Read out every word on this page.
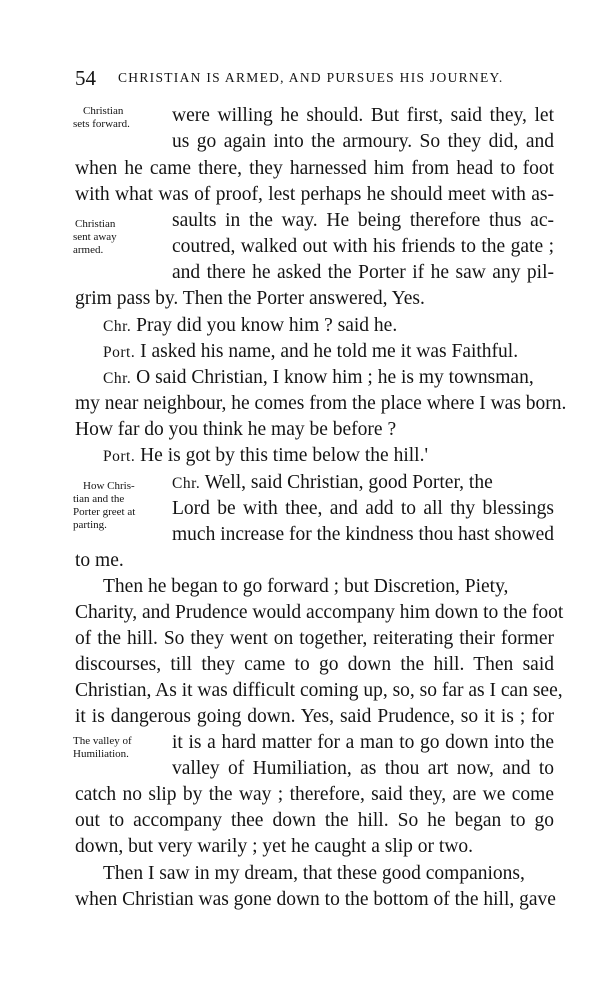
54 CHRISTIAN IS ARMED, AND PURSUES HIS JOURNEY.
Christian
sets forward.
Christian
sent away
armed.
How Chris-
tian and the
Porter greet at
parting.
The valley of
Humiliation.
were willing he should. But first, said they, let
us go again into the armoury. So they did, and
when he came there, they harnessed him from head to foot
with what was of proof, lest perhaps he should meet with as-
saults in the way. He being therefore thus ac-
coutred, walked out with his friends to the gate ;
and there he asked the Porter if he saw any pil-
grim pass by. Then the Porter answered, Yes.
Chr. Pray did you know him ? said he.
Port. I asked his name, and he told me it was Faithful.
Chr. O said Christian, I know him ; he is my townsman,
my near neighbour, he comes from the place where I was born.
How far do you think he may be before ?
Port. He is got by this time below the hill.'
Chr. Well, said Christian, good Porter, the
Lord be with thee, and add to all thy blessings
much increase for the kindness thou hast showed
to me.
Then he began to go forward ; but Discretion, Piety,
Charity, and Prudence would accompany him down to the foot
of the hill. So they went on together, reiterating their former
discourses, till they came to go down the hill. Then said
Christian, As it was difficult coming up, so, so far as I can see,
it is dangerous going down. Yes, said Prudence, so it is ; for
it is a hard matter for a man to go down into the
valley of Humiliation, as thou art now, and to
catch no slip by the way ; therefore, said they, are we come
out to accompany thee down the hill. So he began to go
down, but very warily ; yet he caught a slip or two.
Then I saw in my dream, that these good companions,
when Christian was gone down to the bottom of the hill, gave
